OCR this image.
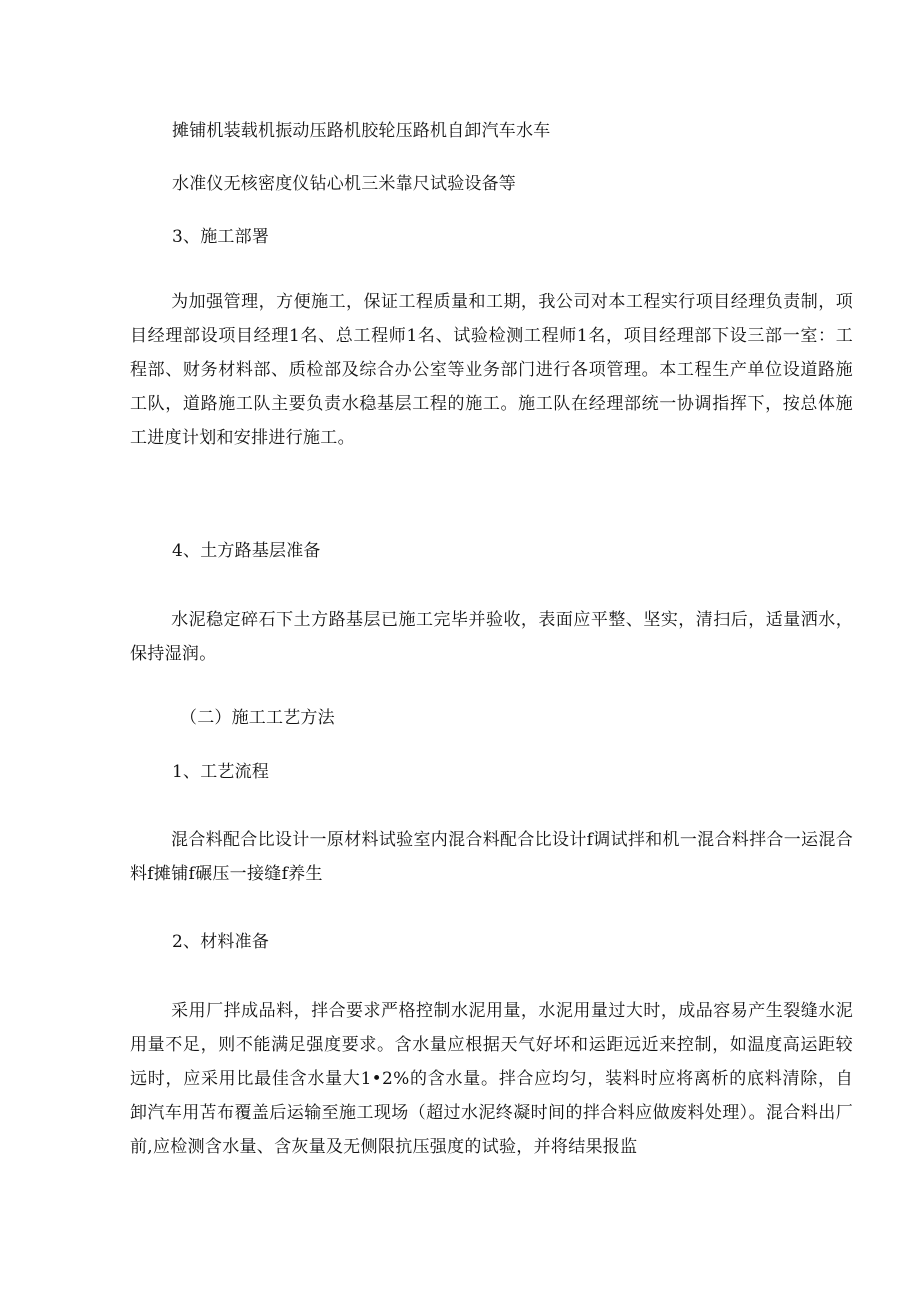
摊铺机装载机振动压路机胶轮压路机自卸汽车水车
水准仪无核密度仪钻心机三米靠尺试验设备等
3、施工部署
为加强管理，方便施工，保证工程质量和工期，我公司对本工程实行项目经理负责制，项目经理部设项目经理1名、总工程师1名、试验检测工程师1名，项目经理部下设三部一室：工程部、财务材料部、质检部及综合办公室等业务部门进行各项管理。本工程生产单位设道路施工队，道路施工队主要负责水稳基层工程的施工。施工队在经理部统一协调指挥下，按总体施工进度计划和安排进行施工。
4、土方路基层准备
水泥稳定碎石下土方路基层已施工完毕并验收，表面应平整、坚实，清扫后，适量洒水，保持湿润。
（二）施工工艺方法
1、工艺流程
混合料配合比设计一原材料试验室内混合料配合比设计f调试拌和机一混合料拌合一运混合料f摊铺f碾压一接缝f养生
2、材料准备
采用厂拌成品料，拌合要求严格控制水泥用量，水泥用量过大时，成品容易产生裂缝水泥用量不足，则不能满足强度要求。含水量应根据天气好坏和运距远近来控制，如温度高运距较远时，应采用比最佳含水量大1•2%的含水量。拌合应均匀，装料时应将离析的底料清除，自卸汽车用苫布覆盖后运输至施工现场（超过水泥终凝时间的拌合料应做废料处理）。混合料出厂前,应检测含水量、含灰量及无侧限抗压强度的试验，并将结果报监
